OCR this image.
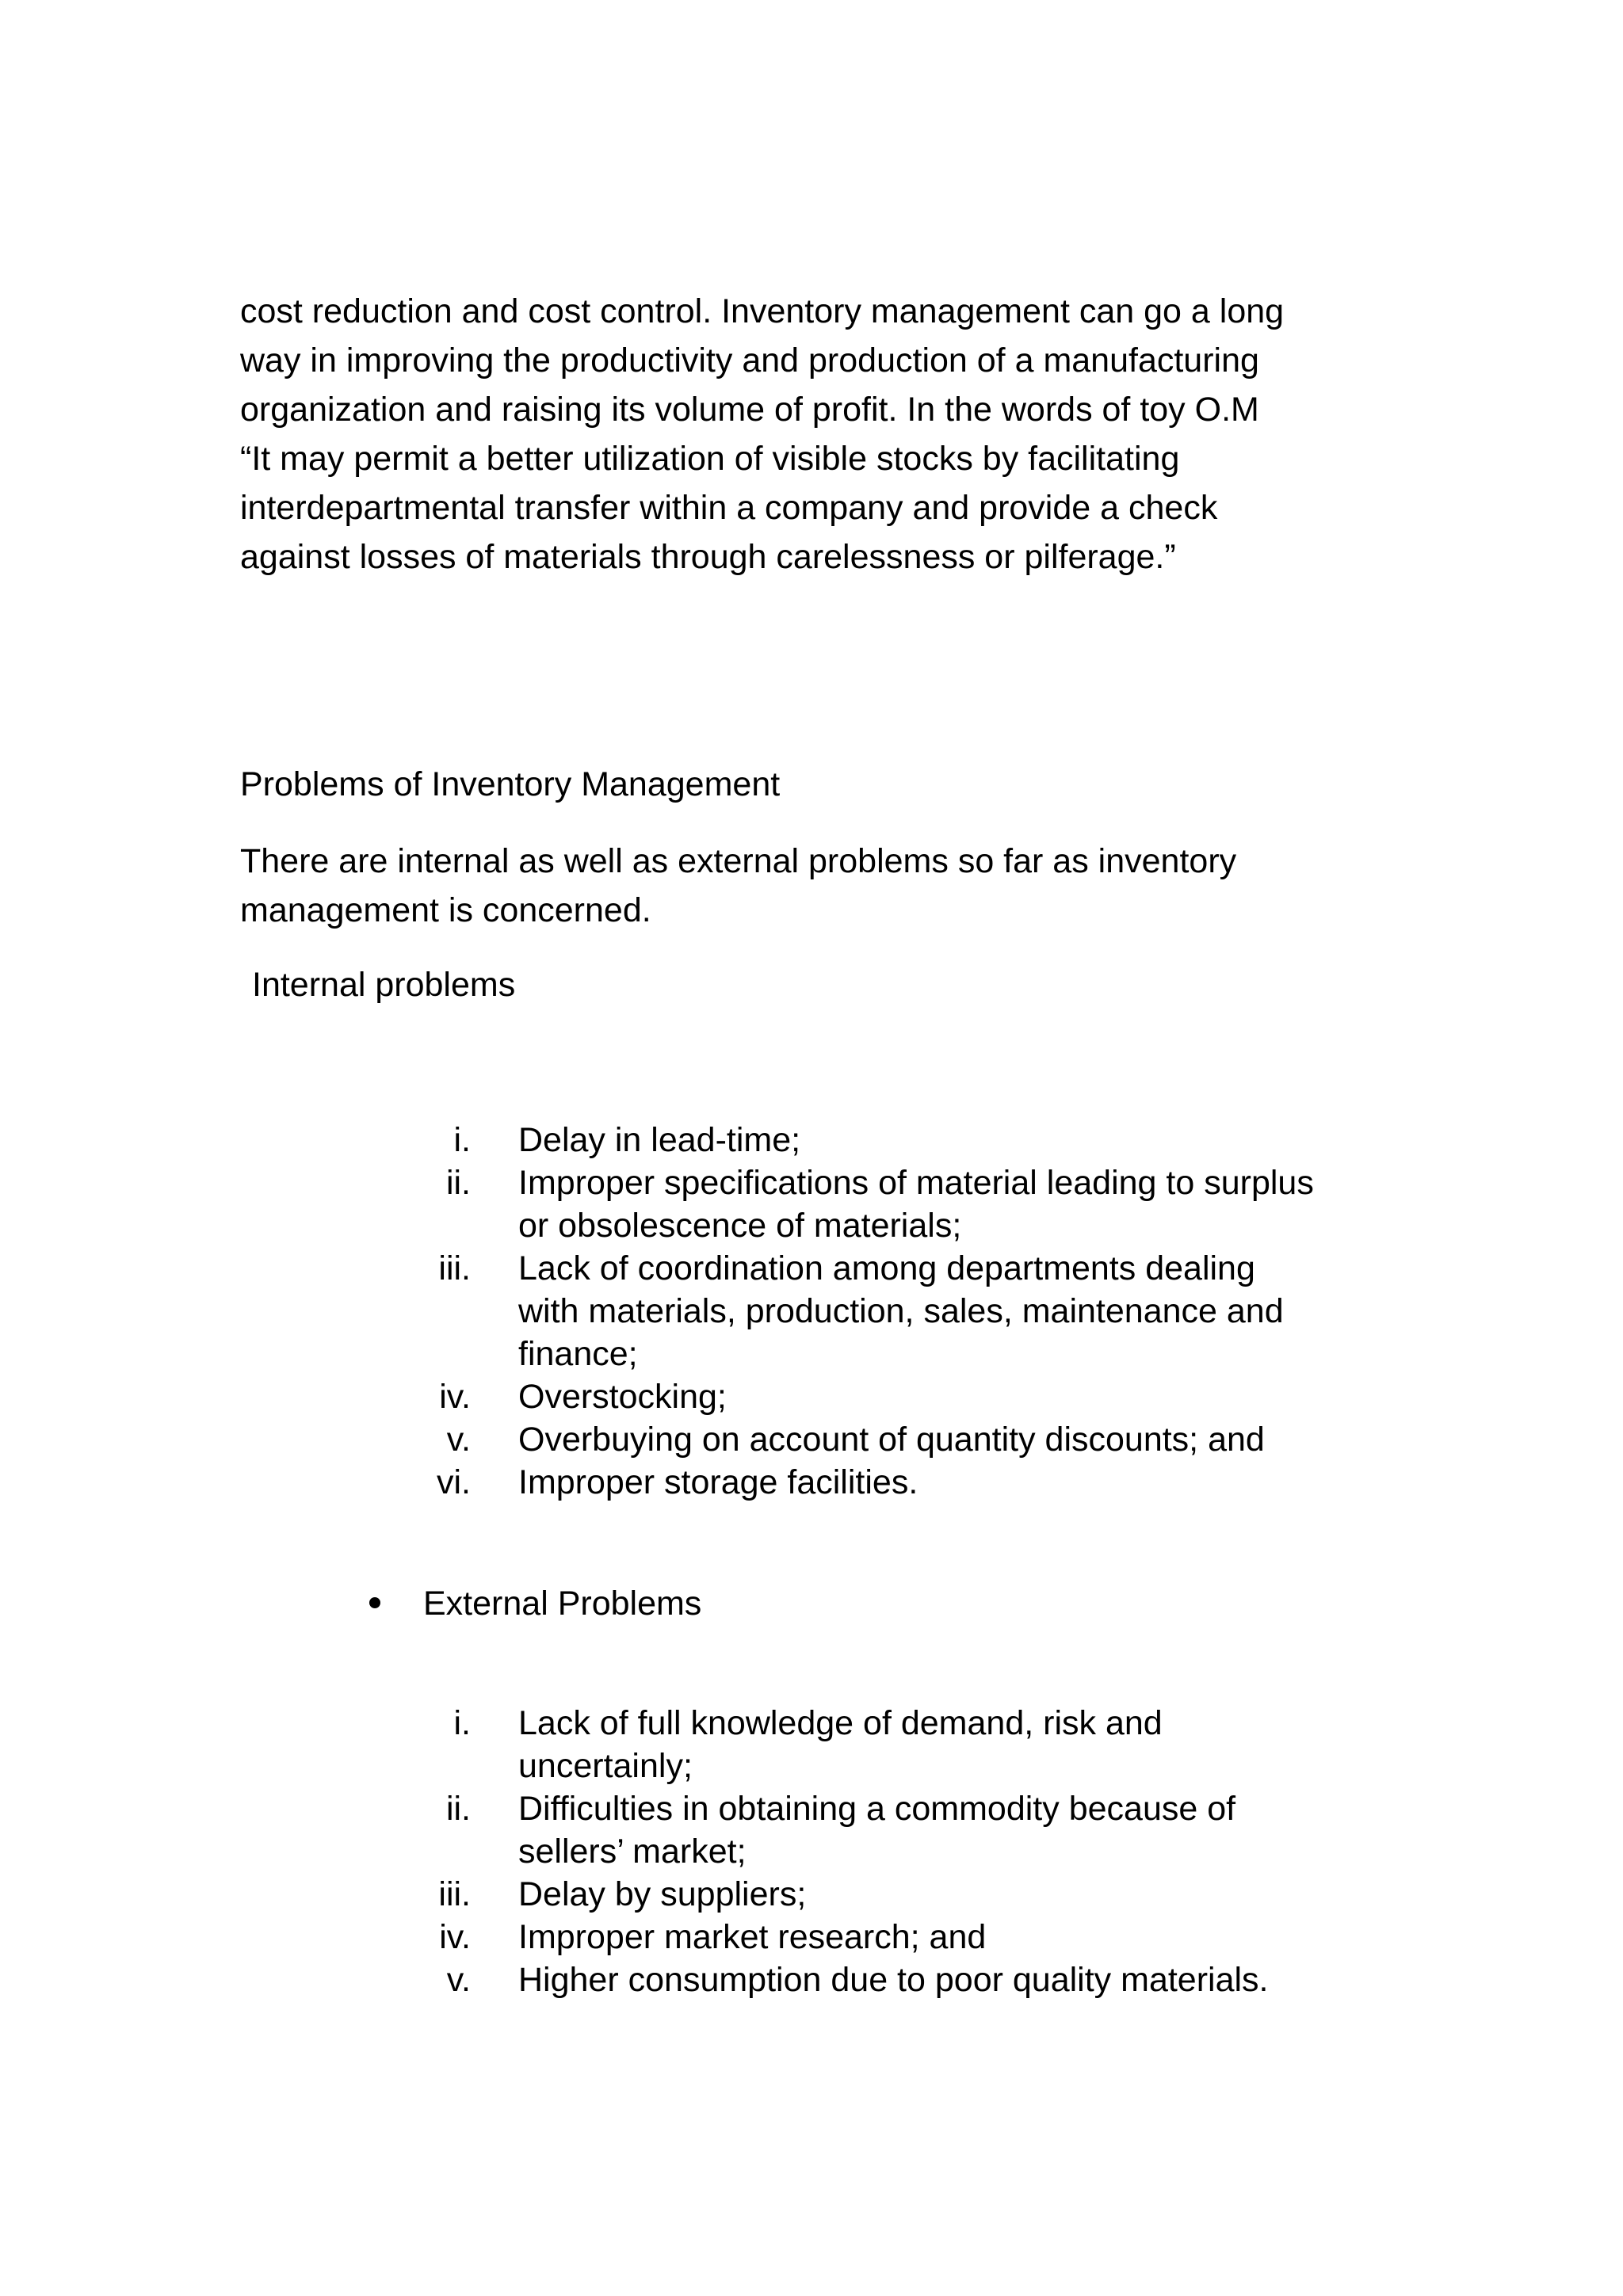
cost reduction and cost control. Inventory management can go a long
way in improving the productivity and production of a manufacturing
organization and raising its volume of profit. In the words of toy O.M
“It may permit a better utilization of visible stocks by facilitating
interdepartmental transfer within a company and provide a check
against losses of materials through carelessness or pilferage.”

Problems of Inventory Management

There are internal as well as external problems so far as inventory
management is concerned.

Internal problems

i. Delay in lead-time;
ii. Improper specifications of material leading to surplus
or obsolescence of materials;
iii. Lack of coordination among departments dealing
with materials, production, sales, maintenance and
finance;
iv. Overstocking;
v. Overbuying on account of quantity discounts; and
vi. Improper storage facilities.
External Problems
i. Lack of full knowledge of demand, risk and
uncertainly;
ii. Difficulties in obtaining a commodity because of
sellers’ market;
iii. Delay by suppliers;
iv. Improper market research; and
v. Higher consumption due to poor quality materials.
